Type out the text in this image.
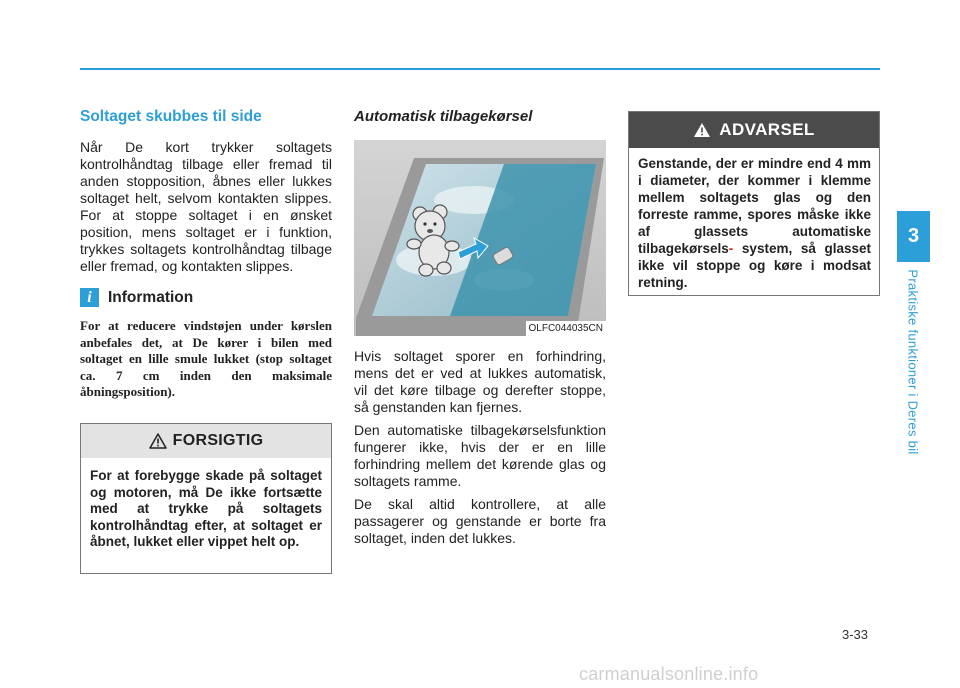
Soltaget skubbes til side
Når De kort trykker soltagets kontrolhåndtag tilbage eller fremad til anden stopposition, åbnes eller lukkes soltaget helt, selvom kontakten slippes. For at stoppe soltaget i en ønsket position, mens soltaget er i funktion, trykkes soltagets kontrolhåndtag tilbage eller fremad, og kontakten slippes.
i	Information
For at reducere vindstøjen under kørslen anbefales det, at De kører i bilen med soltaget en lille smule lukket (stop soltaget ca. 7 cm inden den maksimale åbningsposition).
FORSIGTIG
For at forebygge skade på soltaget og motoren, må De ikke fortsætte med at trykke på soltagets kontrolhåndtag efter, at soltaget er åbnet, lukket eller vippet helt op.
Automatisk tilbagekørsel
OLFC044035CN

Hvis soltaget sporer en forhindring, mens det er ved at lukkes automatisk, vil det køre tilbage og derefter stoppe, så genstanden kan fjernes.

Den automatiske tilbagekørselsfunktion fungerer ikke, hvis der er en lille forhindring mellem det kørende glas og soltagets ramme.

De skal altid kontrollere, at alle passagerer og genstande er borte fra soltaget, inden det lukkes.

ADVARSEL
Genstande, der er mindre end 4 mm i diameter, der kommer i klemme mellem soltagets glas og den forreste ramme, spores måske ikke af glassets automatiske tilbagekørsels- system, så glasset ikke vil stoppe og køre i modsat retning.
3
Praktiske funktioner i Deres bil
3-33
carmanualsonline.info
